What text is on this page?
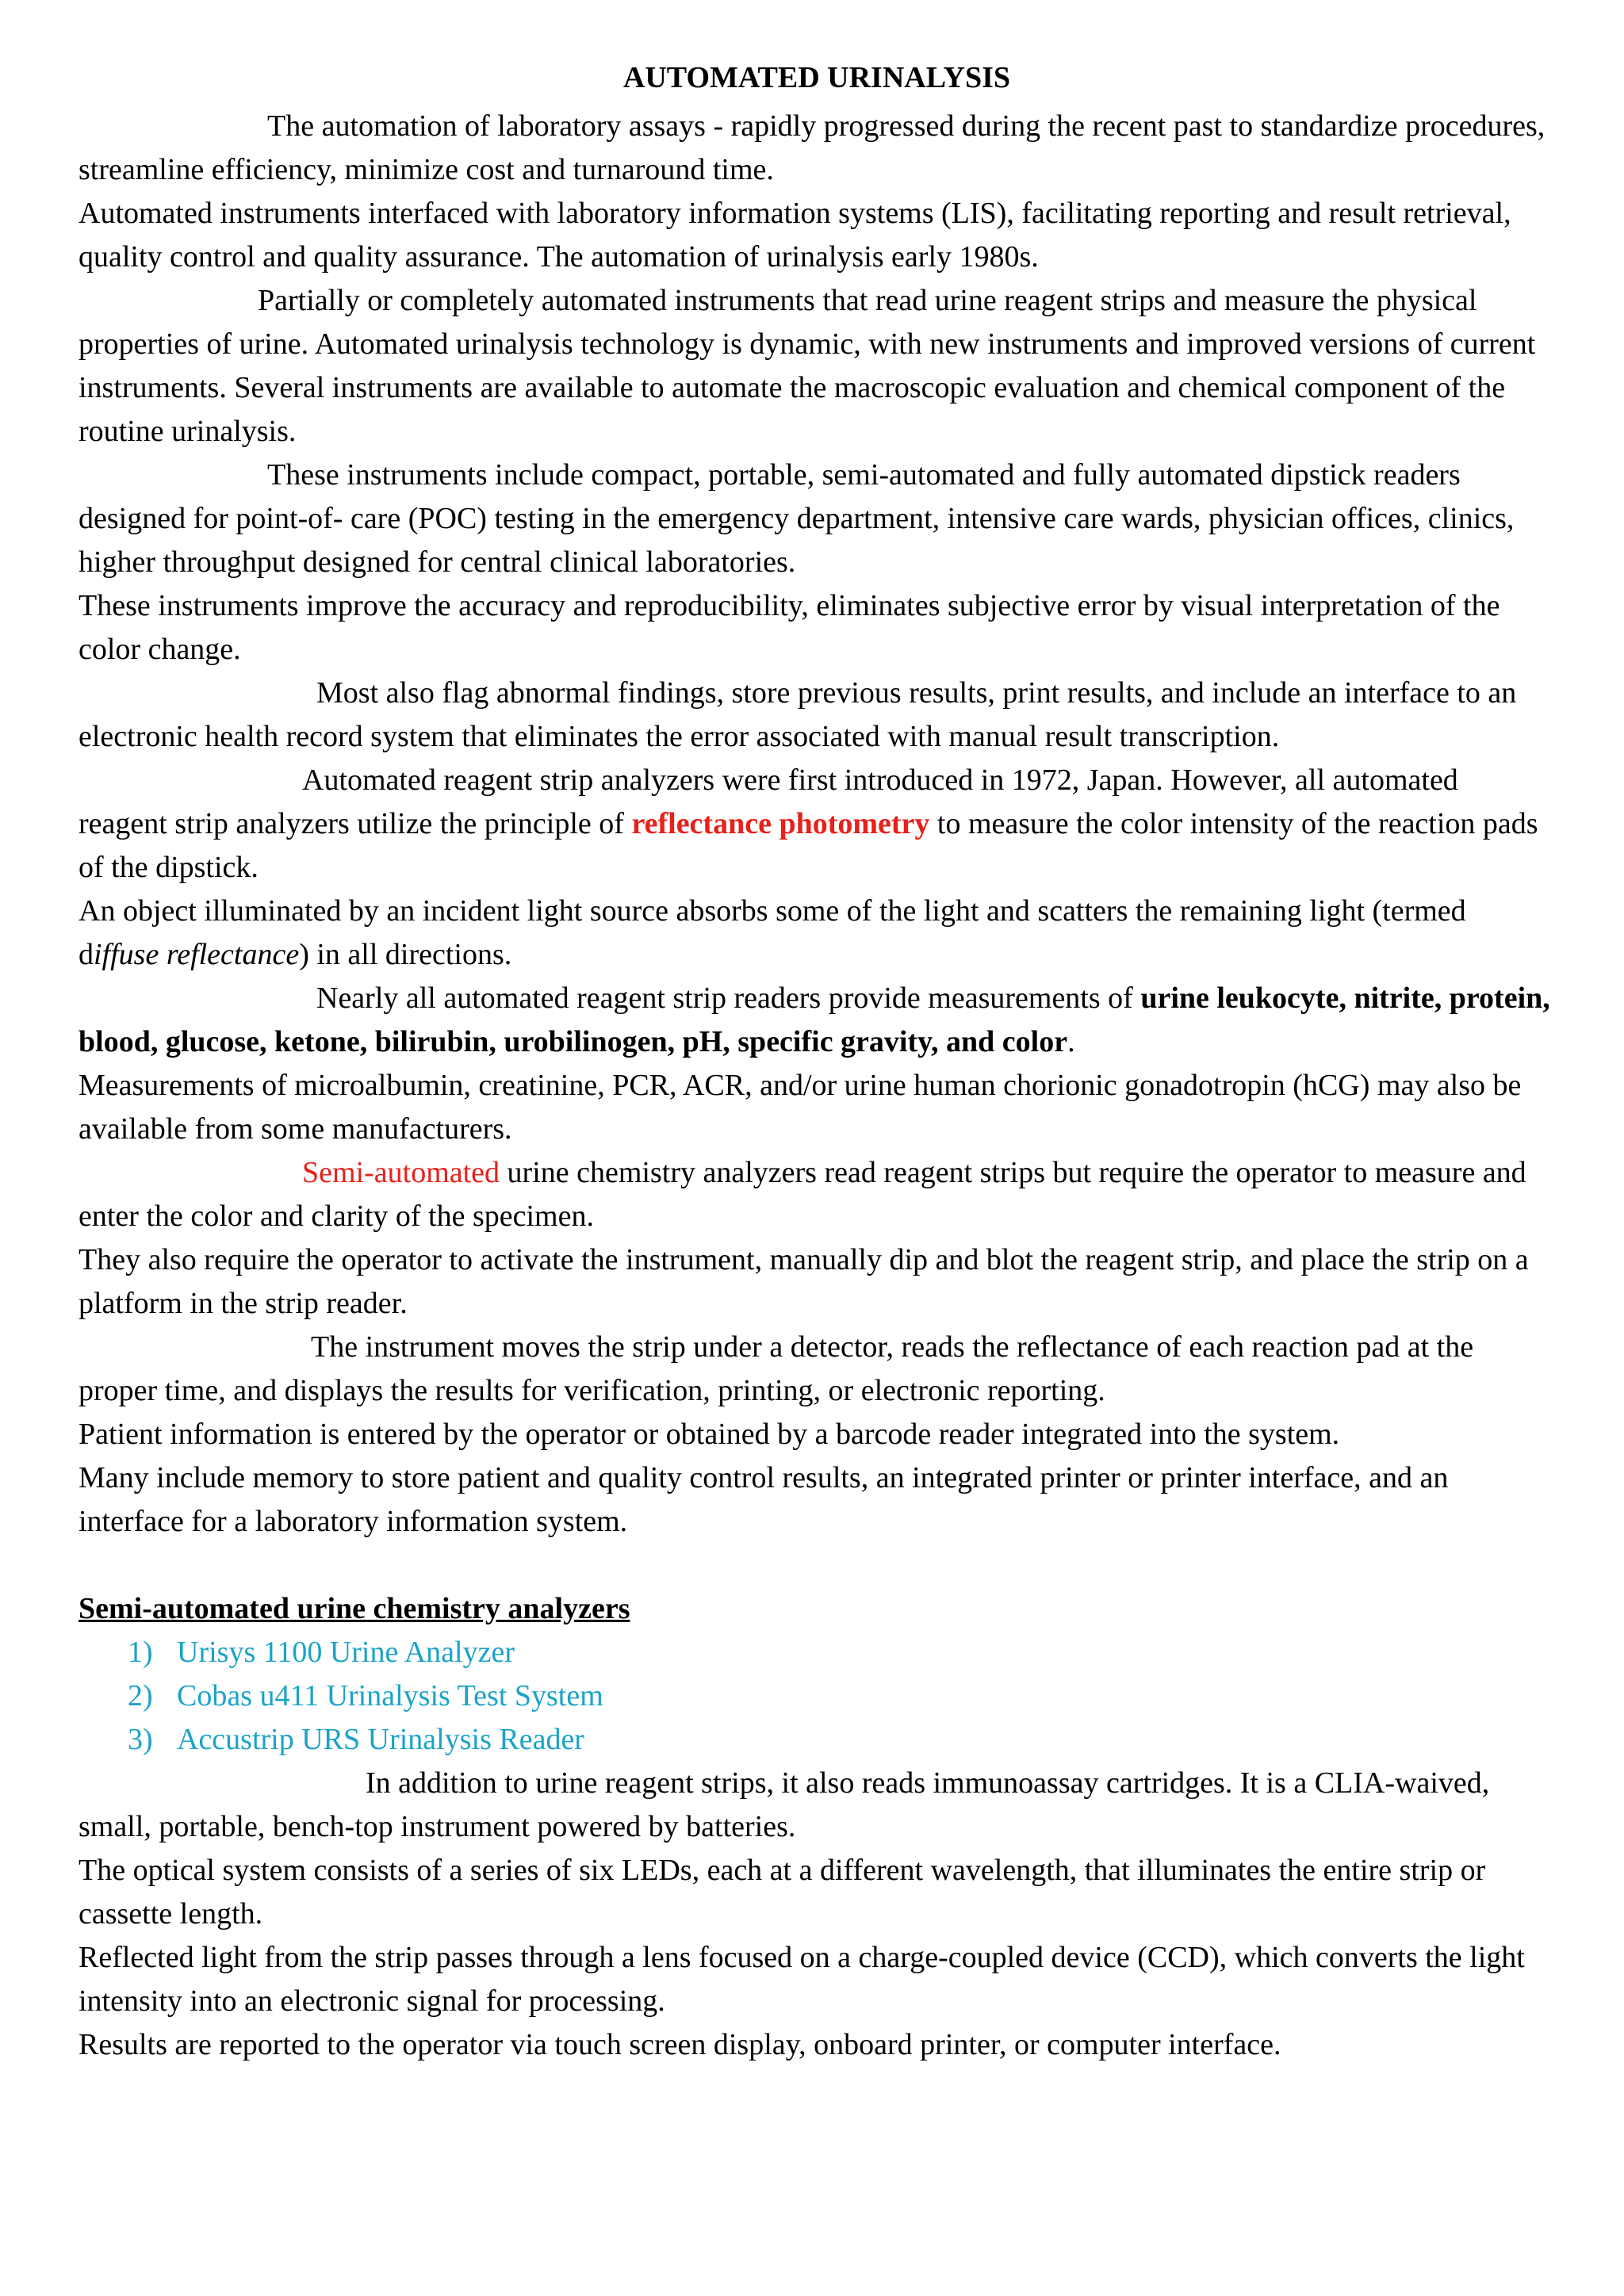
AUTOMATED URINALYSIS

The automation of laboratory assays - rapidly progressed during the recent past to standardize procedures, streamline efficiency, minimize cost and turnaround time.

Automated instruments interfaced with laboratory information systems (LIS), facilitating reporting and result retrieval, quality control and quality assurance. The automation of urinalysis early 1980s.

Partially or completely automated instruments that read urine reagent strips and measure the physical properties of urine. Automated urinalysis technology is dynamic, with new instruments and improved versions of current instruments. Several instruments are available to automate the macroscopic evaluation and chemical component of the routine urinalysis.

These instruments include compact, portable, semi-automated and fully automated dipstick readers designed for point-of- care (POC) testing in the emergency department, intensive care wards, physician offices, clinics, higher throughput designed for central clinical laboratories.

These instruments improve the accuracy and reproducibility, eliminates subjective error by visual interpretation of the color change.

Most also flag abnormal findings, store previous results, print results, and include an interface to an electronic health record system that eliminates the error associated with manual result transcription.

Automated reagent strip analyzers were first introduced in 1972, Japan. However, all automated reagent strip analyzers utilize the principle of reflectance photometry to measure the color intensity of the reaction pads of the dipstick.

An object illuminated by an incident light source absorbs some of the light and scatters the remaining light (termed diffuse reflectance) in all directions.

Nearly all automated reagent strip readers provide measurements of urine leukocyte, nitrite, protein, blood, glucose, ketone, bilirubin, urobilinogen, pH, specific gravity, and color.

Measurements of microalbumin, creatinine, PCR, ACR, and/or urine human chorionic gonadotropin (hCG) may also be available from some manufacturers.

Semi-automated urine chemistry analyzers read reagent strips but require the operator to measure and enter the color and clarity of the specimen.

They also require the operator to activate the instrument, manually dip and blot the reagent strip, and place the strip on a platform in the strip reader.

The instrument moves the strip under a detector, reads the reflectance of each reaction pad at the proper time, and displays the results for verification, printing, or electronic reporting.

Patient information is entered by the operator or obtained by a barcode reader integrated into the system.

Many include memory to store patient and quality control results, an integrated printer or printer interface, and an interface for a laboratory information system.

Semi-automated urine chemistry analyzers

1) Urisys 1100 Urine Analyzer
2) Cobas u411 Urinalysis Test System
3) Accustrip URS Urinalysis Reader

In addition to urine reagent strips, it also reads immunoassay cartridges. It is a CLIA-waived, small, portable, bench-top instrument powered by batteries.

The optical system consists of a series of six LEDs, each at a different wavelength, that illuminates the entire strip or cassette length.

Reflected light from the strip passes through a lens focused on a charge-coupled device (CCD), which converts the light intensity into an electronic signal for processing.

Results are reported to the operator via touch screen display, onboard printer, or computer interface.
